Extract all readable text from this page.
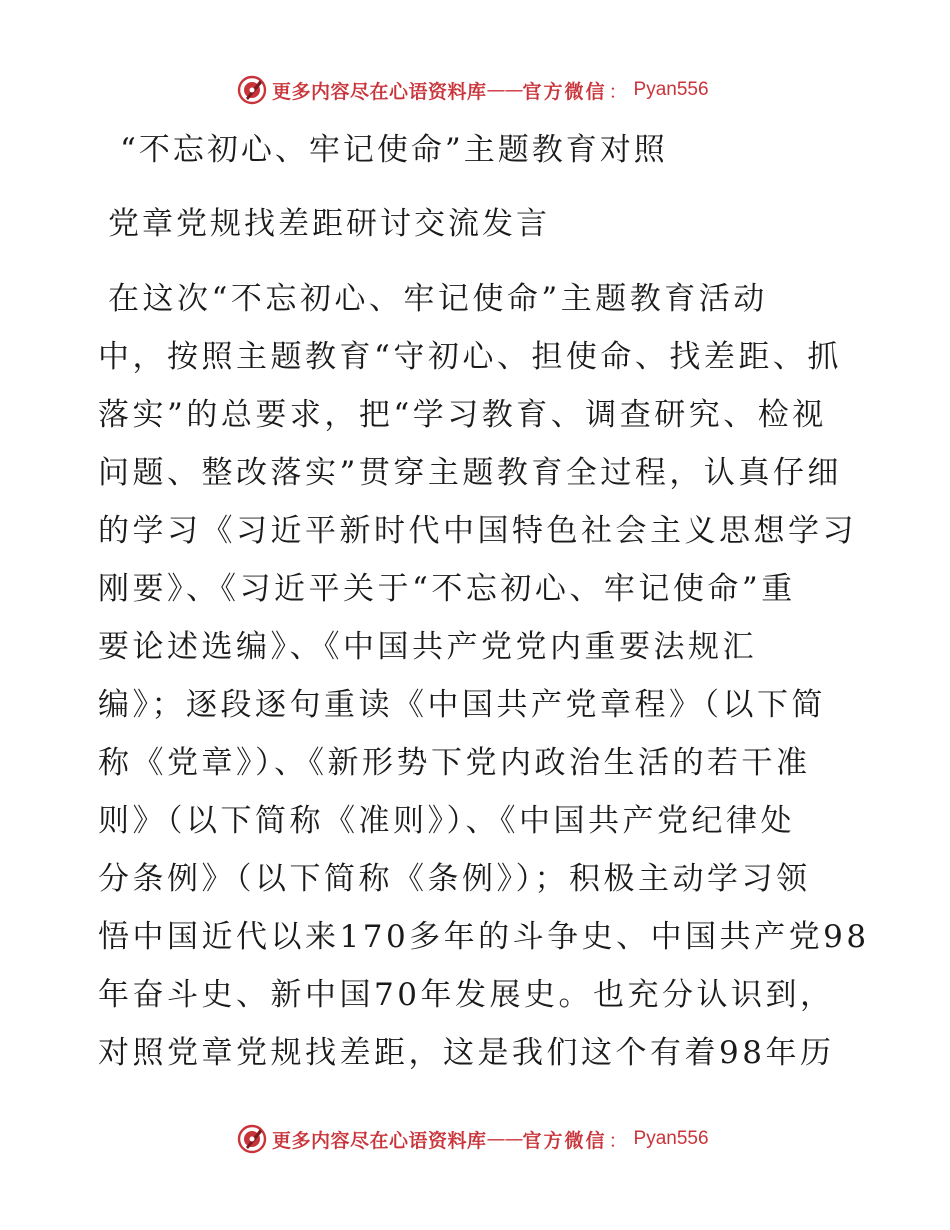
更多内容尽在心语资料库 —— 官方微信 ： Pyan556
“不忘初心、牢记使命”主题教育对照
党章党规找差距研讨交流发言

在这次“不忘初心、牢记使命”主题教育活动
中，按照主题教育“守初心、担使命、找差距、抓
落实”的总要求，把“学习教育、调查研究、检视
问题、整改落实”贯穿主题教育全过程，认真仔细
的学习《习近平新时代中国特色社会主义思想学习
刚要》、《习近平关于“不忘初心、牢记使命”重
要论述选编》、《中国共产党党内重要法规汇
编》；逐段逐句重读《中国共产党章程》（以下简
称《党章》）、《新形势下党内政治生活的若干准
则》（以下简称《准则》）、《中国共产党纪律处
分条例》（以下简称《条例》）；积极主动学习领
悟中国近代以来170多年的斗争史、中国共产党98
年奋斗史、新中国70年发展史。也充分认识到，
对照党章党规找差距，这是我们这个有着98年历

更多内容尽在心语资料库 —— 官方微信 ： Pyan556
